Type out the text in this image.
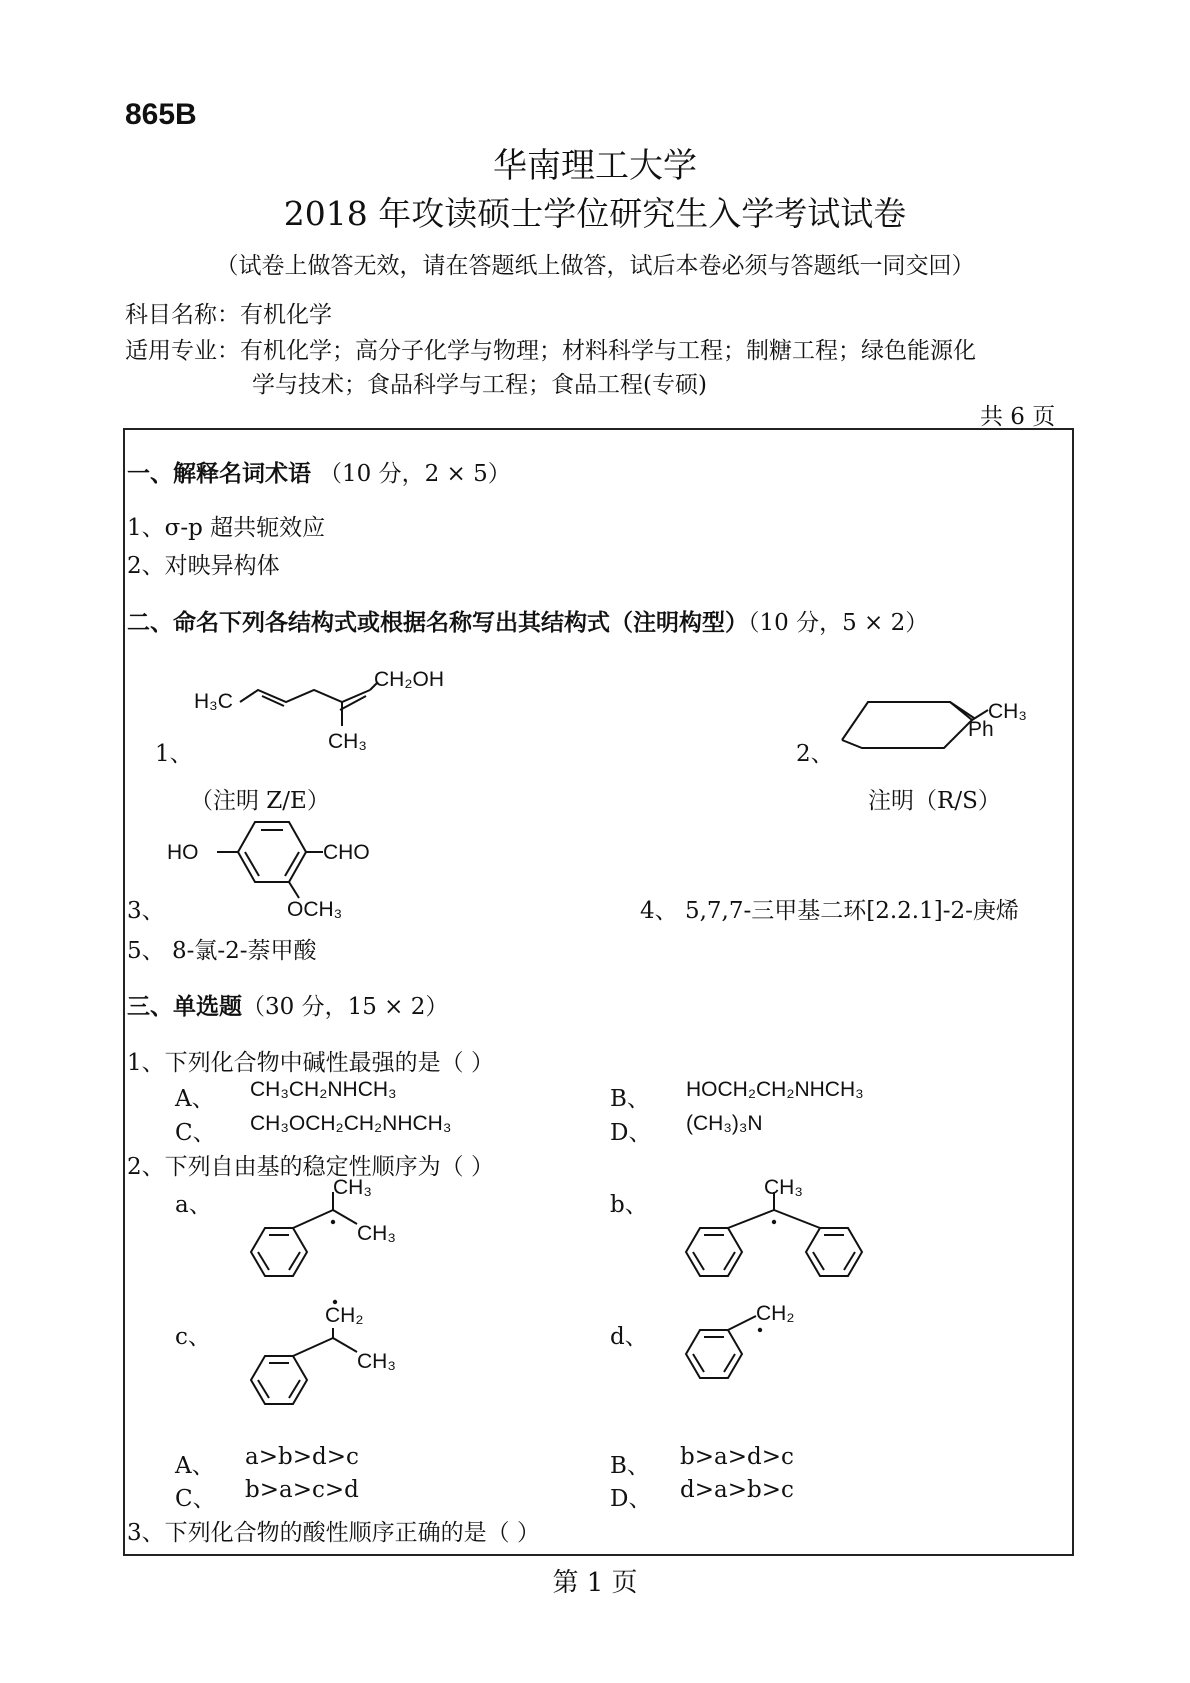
865B
华南理工大学
2018 年攻读硕士学位研究生入学考试试卷
（试卷上做答无效，请在答题纸上做答，试后本卷必须与答题纸一同交回）
科目名称：有机化学
适用专业：有机化学；高分子化学与物理；材料科学与工程；制糖工程；绿色能源化
学与技术；食品科学与工程；食品工程(专硕)
共 6 页
一、解释名词术语 （10 分，2 × 5）
1、σ-p 超共轭效应
2、对映异构体
二、命名下列各结构式或根据名称写出其结构式（注明构型）（10 分，5 × 2）
H₃C
CH₂OH
CH₃
1、
（注明 Z/E）
CH₃
Ph
2、
注明（R/S）
HO	CHO
OCH₃
3、	4、 5,7,7-三甲基二环[2.2.1]-2-庚烯
5、 8-氯-2-萘甲酸
三、单选题（30 分，15 × 2）
1、下列化合物中碱性最强的是（ ）
A、 CH₃CH₂NHCH₃	B、 HOCH₂CH₂NHCH₃
C、 CH₃OCH₂CH₂NHCH₃	D、 (CH₃)₃N
2、下列自由基的稳定性顺序为（ ）
a、
CH₃
CH₃
b、
CH₃
c、
CH₂
CH₃
d、
CH₂
A、 a>b>d>c	B、 b>a>d>c
C、 b>a>c>d	D、 d>a>b>c
3、下列化合物的酸性顺序正确的是（ ）
第 1 页
